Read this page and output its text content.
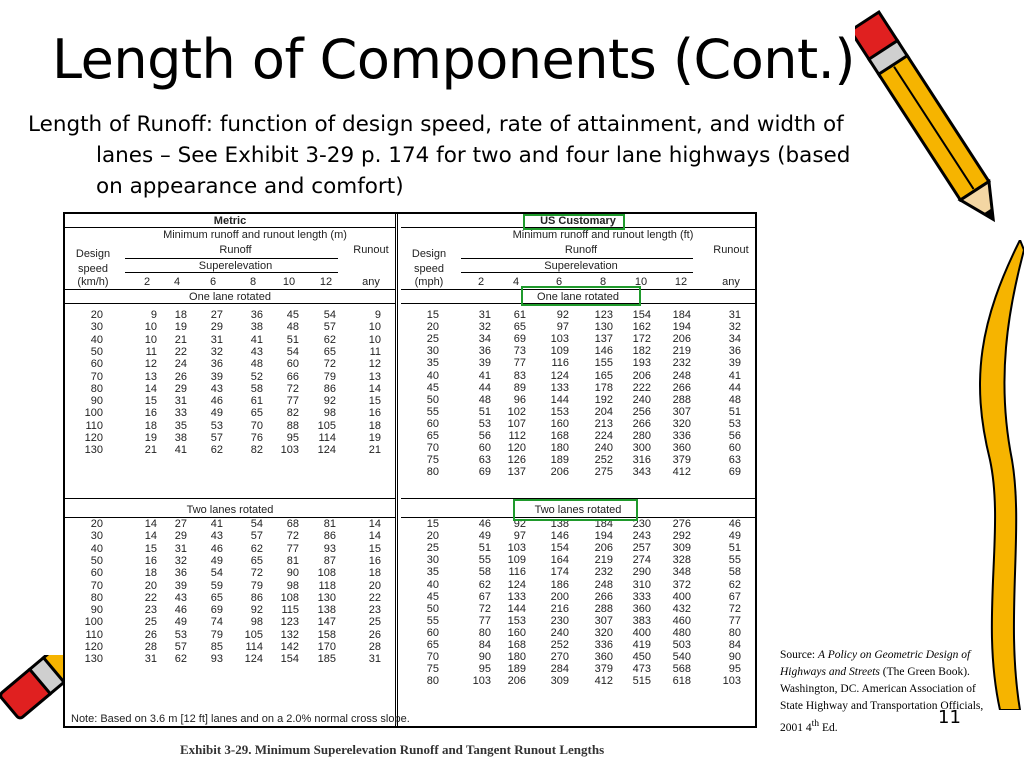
Length of Components (Cont.)

Length of Runoff: function of design speed, rate of attainment, and width of lanes – See Exhibit 3-29 p. 174 for two and four lane highways (based on appearance and comfort)

Metric
Minimum runoff and runout length (m)
Design
speed
(km/h)
Runoff	Runout
Superelevation
2	4	6	8	10	12	any
One lane rotated
20	9	18	27	36	45	54	9
30	10	19	29	38	48	57	10
40	10	21	31	41	51	62	10
50	11	22	32	43	54	65	11
60	12	24	36	48	60	72	12
70	13	26	39	52	66	79	13
80	14	29	43	58	72	86	14
90	15	31	46	61	77	92	15
100	16	33	49	65	82	98	16
110	18	35	53	70	88	105	18
120	19	38	57	76	95	114	19
130	21	41	62	82	103	124	21
Two lanes rotated
20	14	27	41	54	68	81	14
30	14	29	43	57	72	86	14
40	15	31	46	62	77	93	15
50	16	32	49	65	81	87	16
60	18	36	54	72	90	108	18
70	20	39	59	79	98	118	20
80	22	43	65	86	108	130	22
90	23	46	69	92	115	138	23
100	25	49	74	98	123	147	25
110	26	53	79	105	132	158	26
120	28	57	85	114	142	170	28
130	31	62	93	124	154	185	31
US Customary
Minimum runoff and runout length (ft)
Design
speed
(mph)
Runoff	Runout
Superelevation
2	4	6	8	10	12	any
One lane rotated
15	31	61	92	123	154	184	31
20	32	65	97	130	162	194	32
25	34	69	103	137	172	206	34
30	36	73	109	146	182	219	36
35	39	77	116	155	193	232	39
40	41	83	124	165	206	248	41
45	44	89	133	178	222	266	44
50	48	96	144	192	240	288	48
55	51	102	153	204	256	307	51
60	53	107	160	213	266	320	53
65	56	112	168	224	280	336	56
70	60	120	180	240	300	360	60
75	63	126	189	252	316	379	63
80	69	137	206	275	343	412	69
Two lanes rotated
15	46	92	138	184	230	276	46
20	49	97	146	194	243	292	49
25	51	103	154	206	257	309	51
30	55	109	164	219	274	328	55
35	58	116	174	232	290	348	58
40	62	124	186	248	310	372	62
45	67	133	200	266	333	400	67
50	72	144	216	288	360	432	72
55	77	153	230	307	383	460	77
60	80	160	240	320	400	480	80
65	84	168	252	336	419	503	84
70	90	180	270	360	450	540	90
75	95	189	284	379	473	568	95
80	103	206	309	412	515	618	103
Note: Based on 3.6 m [12 ft] lanes and on a 2.0% normal cross slope.
Exhibit 3-29. Minimum Superelevation Runoff and Tangent Runout Lengths
Source: A Policy on Geometric Design of Highways and Streets (The Green Book). Washington, DC. American Association of State Highway and Transportation Officials, 2001 4th Ed.	11
